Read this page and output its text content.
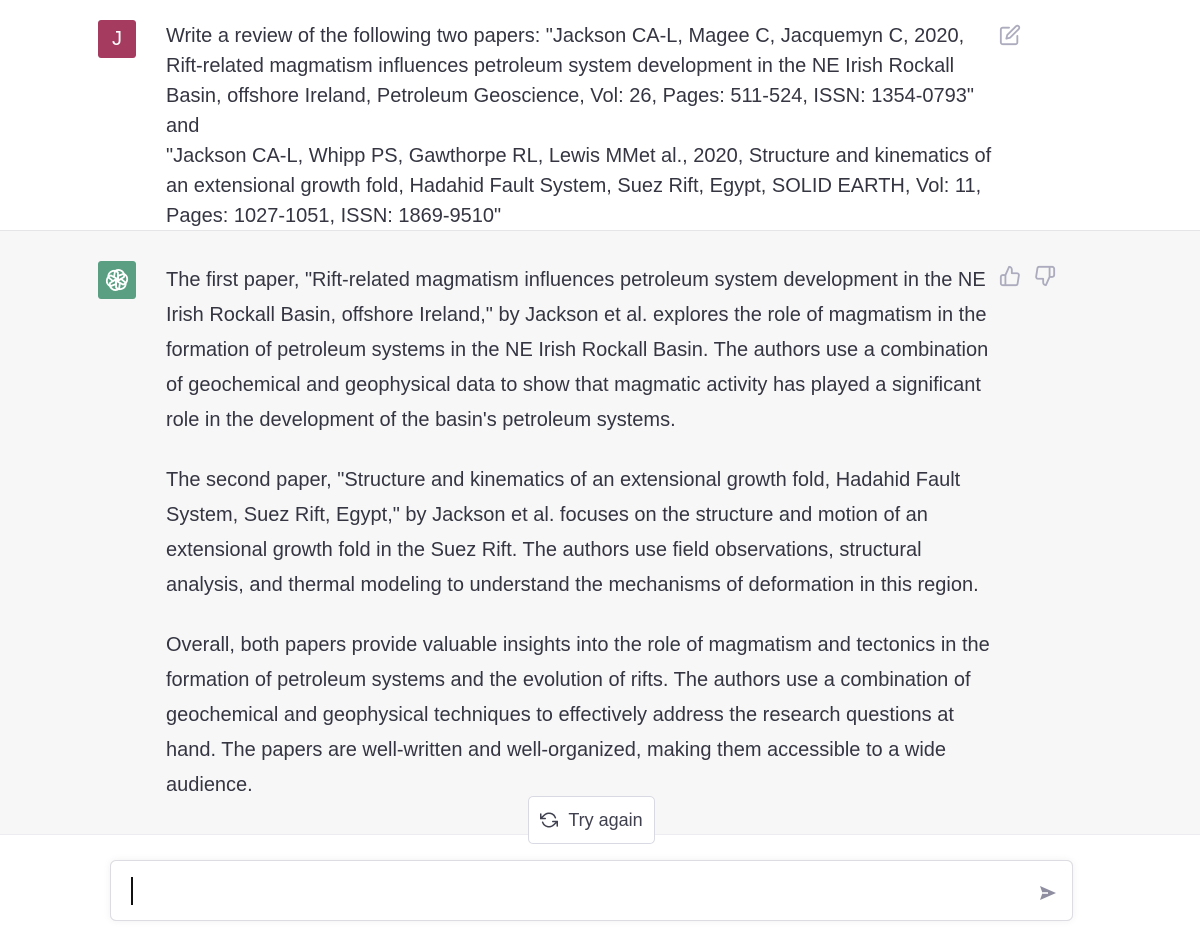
J	Write a review of the following two papers: "Jackson CA-L, Magee C, Jacquemyn C, 2020,
Rift-related magmatism influences petroleum system development in the NE Irish Rockall
Basin, offshore Ireland, Petroleum Geoscience, Vol: 26, Pages: 511-524, ISSN: 1354-0793" and
"Jackson CA-L, Whipp PS, Gawthorpe RL, Lewis MMet al., 2020, Structure and kinematics of
an extensional growth fold, Hadahid Fault System, Suez Rift, Egypt, SOLID EARTH, Vol: 11,
Pages: 1027-1051, ISSN: 1869-9510"

The first paper, "Rift-related magmatism influences petroleum system development in the NE Irish Rockall Basin, offshore Ireland," by Jackson et al. explores the role of magmatism in the formation of petroleum systems in the NE Irish Rockall Basin. The authors use a combination of geochemical and geophysical data to show that magmatic activity has played a significant role in the development of the basin's petroleum systems.

The second paper, "Structure and kinematics of an extensional growth fold, Hadahid Fault System, Suez Rift, Egypt," by Jackson et al. focuses on the structure and motion of an extensional growth fold in the Suez Rift. The authors use field observations, structural analysis, and thermal modeling to understand the mechanisms of deformation in this region.

Overall, both papers provide valuable insights into the role of magmatism and tectonics in the formation of petroleum systems and the evolution of rifts. The authors use a combination of geochemical and geophysical techniques to effectively address the research questions at hand. The papers are well-written and well-organized, making them accessible to a wide audience.

Try again
